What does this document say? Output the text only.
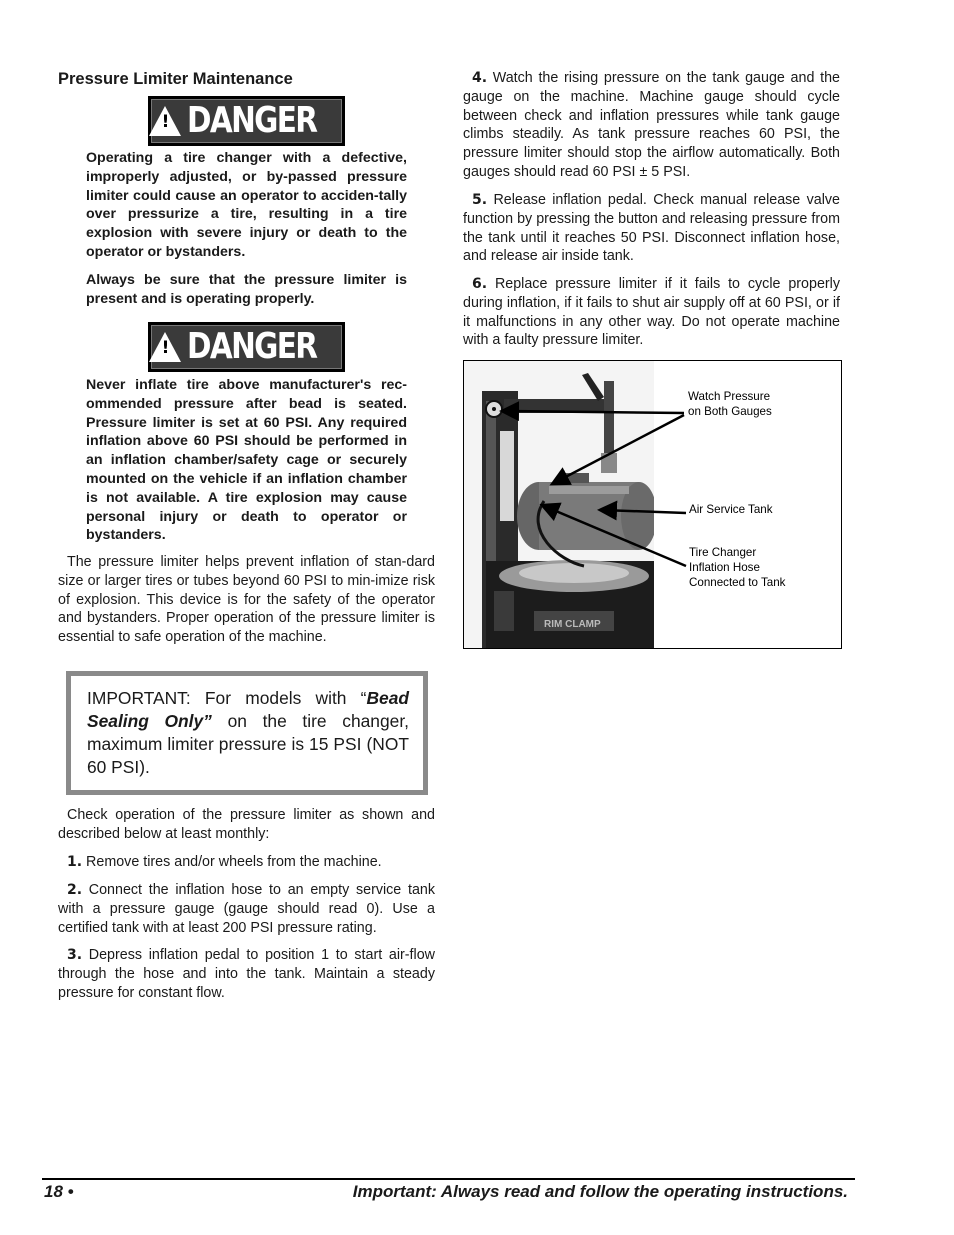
Pressure Limiter Maintenance
! DANGER
Operating a tire changer with a defective, improperly adjusted, or by-passed pressure limiter could cause an operator to acciden-tally over pressurize a tire, resulting in a tire explosion with severe injury or death to the operator or bystanders.
Always be sure that the pressure limiter is present and is operating properly.
! DANGER
Never inflate tire above manufacturer's rec-ommended pressure after bead is seated. Pressure limiter is set at 60 PSI. Any required inflation above 60 PSI should be performed in an inflation chamber/safety cage or securely mounted on the vehicle if an inflation chamber is not available. A tire explosion may cause personal injury or death to operator or bystanders.
The pressure limiter helps prevent inflation of stan-dard size or larger tires or tubes beyond 60 PSI to min-imize risk of explosion. This device is for the safety of the operator and bystanders. Proper operation of the pressure limiter is essential to safe operation of the machine.
IMPORTANT: For models with “Bead Sealing Only” on the tire changer, maximum limiter pressure is 15 PSI (NOT 60 PSI).
Check operation of the pressure limiter as shown and described below at least monthly:
1. Remove tires and/or wheels from the machine.
2. Connect the inflation hose to an empty service tank with a pressure gauge (gauge should read 0). Use a certified tank with at least 200 PSI pressure rating.
3. Depress inflation pedal to position 1 to start air-flow through the hose and into the tank. Maintain a steady pressure for constant flow.
4. Watch the rising pressure on the tank gauge and the gauge on the machine. Machine gauge should cycle between check and inflation pressures while tank gauge climbs steadily. As tank pressure reaches 60 PSI, the pressure limiter should stop the airflow automatically. Both gauges should read 60 PSI ± 5 PSI.
5. Release inflation pedal. Check manual release valve function by pressing the button and releasing pressure from the tank until it reaches 50 PSI. Disconnect inflation hose, and release air inside tank.
6. Replace pressure limiter if it fails to cycle properly during inflation, if it fails to shut air supply off at 60 PSI, or if it malfunctions in any other way. Do not operate machine with a faulty pressure limiter.
RIM CLAMP
Watch Pressure
on Both Gauges
Air Service Tank
Tire Changer
Inflation Hose
Connected to Tank
18 •	Important: Always read and follow the operating instructions.
